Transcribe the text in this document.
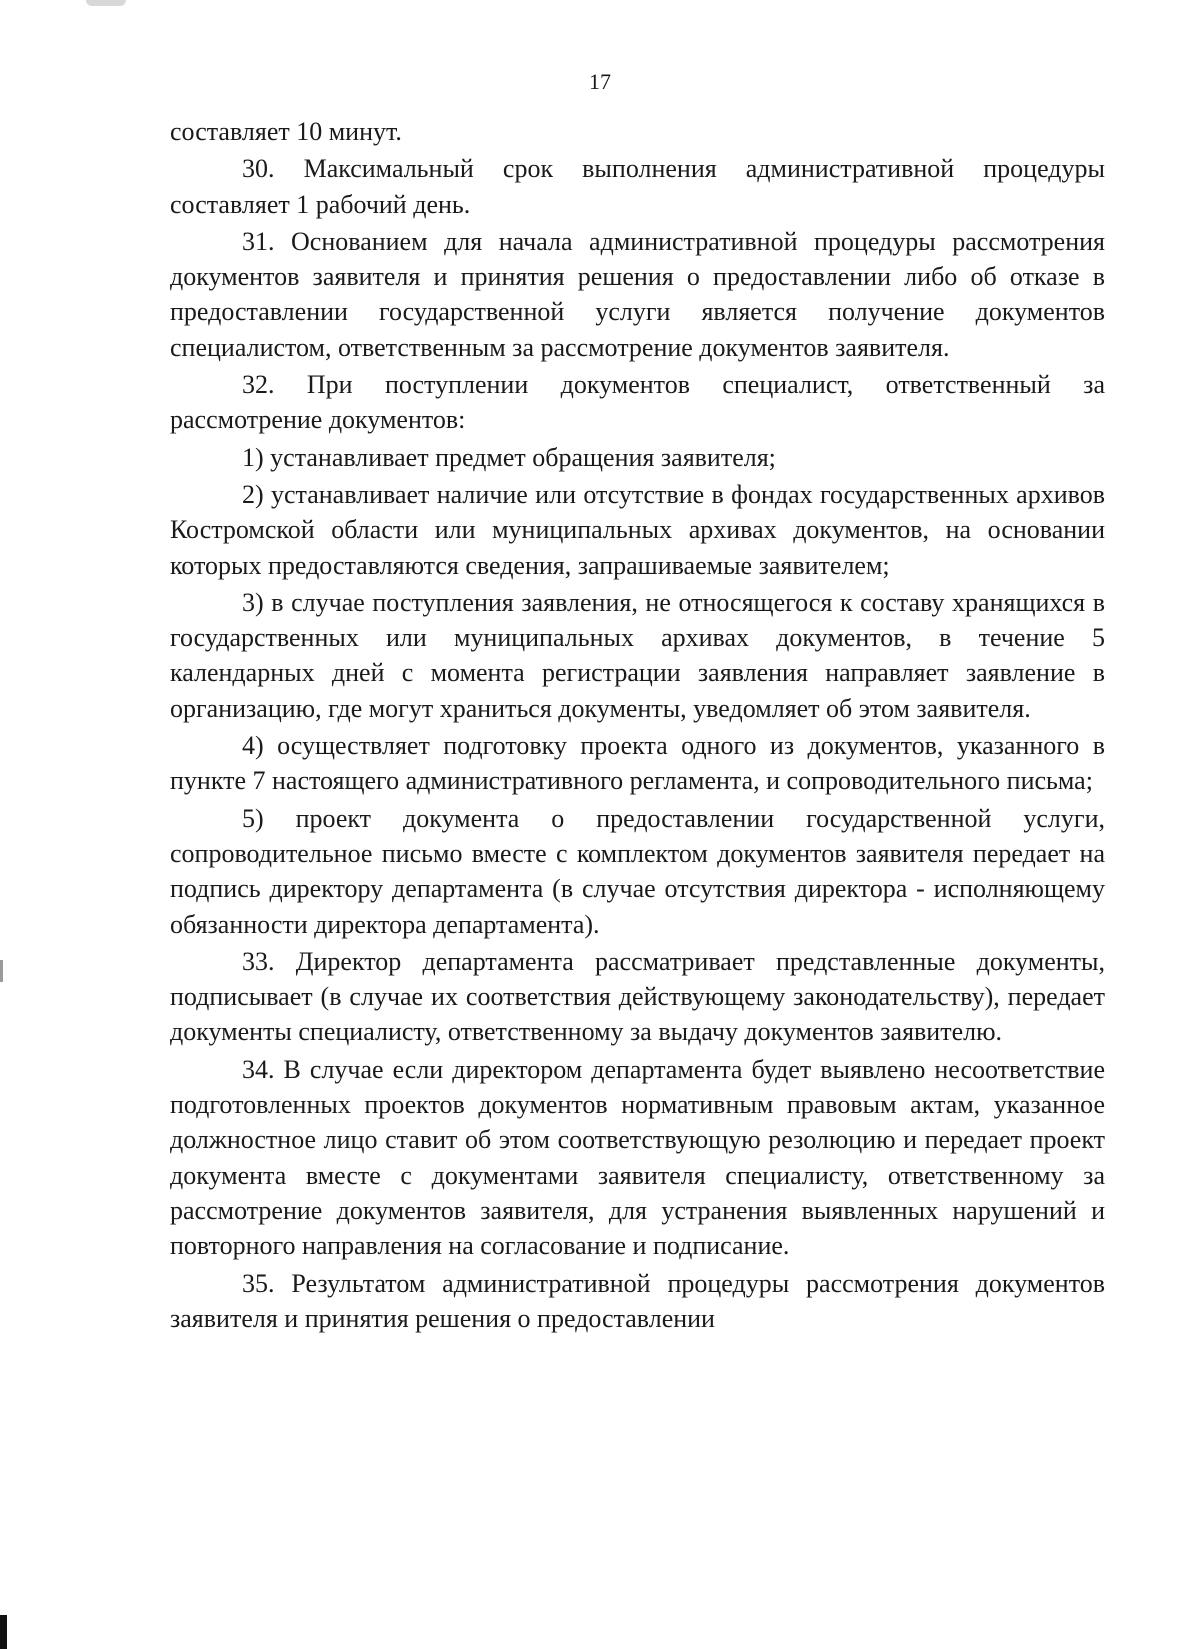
17

составляет 10 минут.

30. Максимальный срок выполнения административной процедуры составляет 1 рабочий день.

31. Основанием для начала административной процедуры рассмотрения документов заявителя и принятия решения о предоставлении либо об отказе в предоставлении государственной услуги является получение документов специалистом, ответственным за рассмотрение документов заявителя.

32. При поступлении документов специалист, ответственный за рассмотрение документов:

1) устанавливает предмет обращения заявителя;

2) устанавливает наличие или отсутствие в фондах государственных архивов Костромской области или муниципальных архивах документов, на основании которых предоставляются сведения, запрашиваемые заявителем;

3) в случае поступления заявления, не относящегося к составу хранящихся в государственных или муниципальных архивах документов, в течение 5 календарных дней с момента регистрации заявления направляет заявление в организацию, где могут храниться документы, уведомляет об этом заявителя.

4) осуществляет подготовку проекта одного из документов, указанного в пункте 7 настоящего административного регламента, и сопроводительного письма;

5) проект документа о предоставлении государственной услуги, сопроводительное письмо вместе с комплектом документов заявителя передает на подпись директору департамента (в случае отсутствия директора - исполняющему обязанности директора департамента).

33. Директор департамента рассматривает представленные документы, подписывает (в случае их соответствия действующему законодательству), передает документы специалисту, ответственному за выдачу документов заявителю.

34. В случае если директором департамента будет выявлено несоответствие подготовленных проектов документов нормативным правовым актам, указанное должностное лицо ставит об этом соответствующую резолюцию и передает проект документа вместе с документами заявителя специалисту, ответственному за рассмотрение документов заявителя, для устранения выявленных нарушений и повторного направления на согласование и подписание.

35. Результатом административной процедуры рассмотрения документов заявителя и принятия решения о предоставлении
